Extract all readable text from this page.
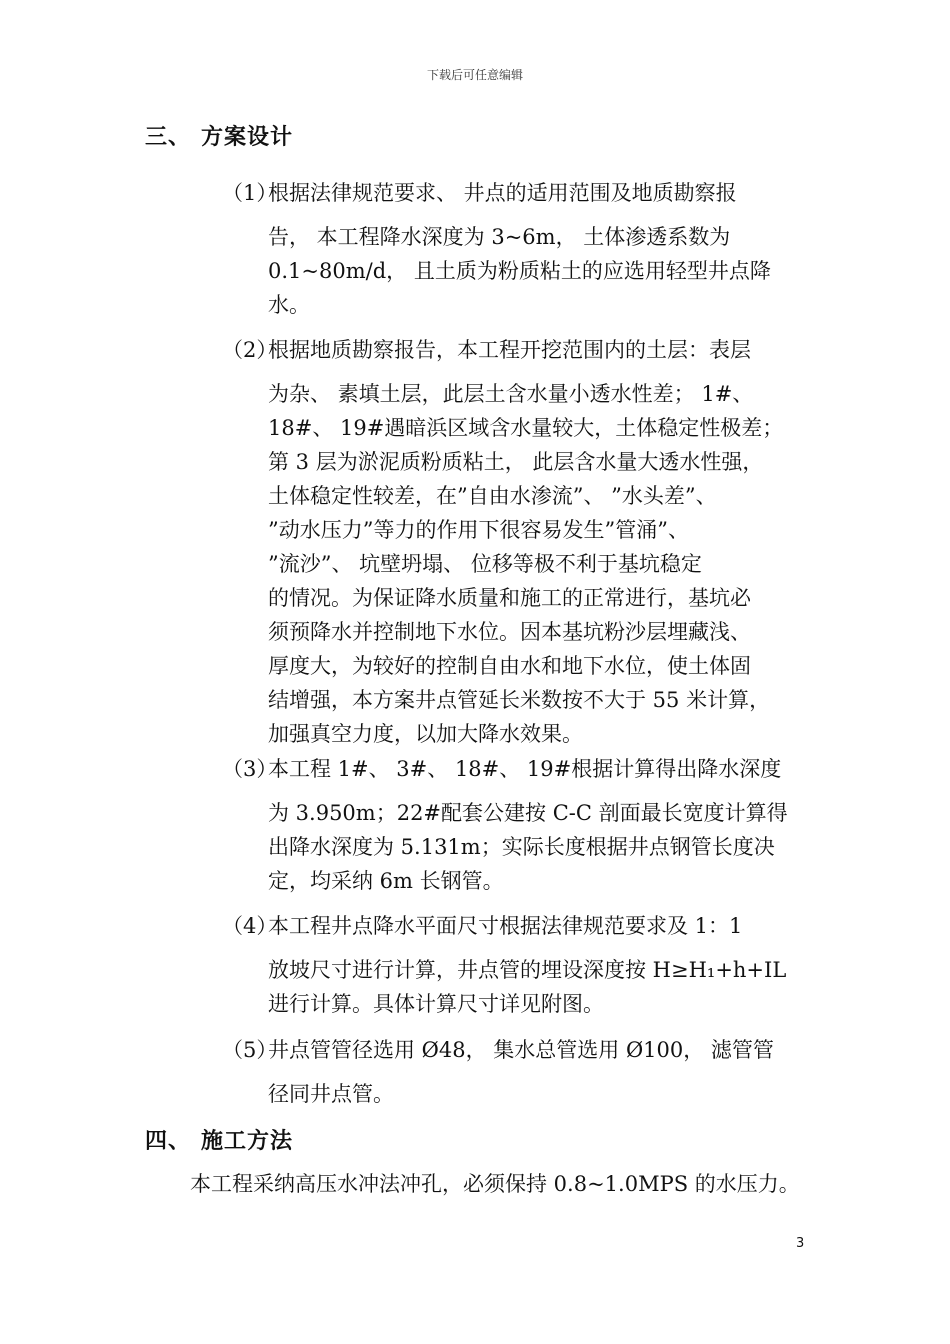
下载后可任意编辑
三、 方案设计
（1）
根据法律规范要求、 井点的适用范围及地质勘察报
告， 本工程降水深度为 3~6m， 土体渗透系数为
0.1~80m/d， 且土质为粉质粘土的应选用轻型井点降
水。
（2）
根据地质勘察报告，本工程开挖范围内的土层：表层
为杂、 素填土层，此层土含水量小透水性差； 1#、
18#、 19#遇暗浜区域含水量较大，土体稳定性极差；
第 3 层为淤泥质粉质粘土， 此层含水量大透水性强，
土体稳定性较差，在”自由水渗流”、 ”水头差”、
”动水压力”等力的作用下很容易发生”管涌”、
”流沙”、 坑壁坍塌、 位移等极不利于基坑稳定
的情况。为保证降水质量和施工的正常进行，基坑必
须预降水并控制地下水位。因本基坑粉沙层埋藏浅、
厚度大，为较好的控制自由水和地下水位，使土体固
结增强，本方案井点管延长米数按不大于 55 米计算，
加强真空力度，以加大降水效果。
（3）
本工程 1#、 3#、 18#、 19#根据计算得出降水深度
为 3.950m；22#配套公建按 C-C 剖面最长宽度计算得
出降水深度为 5.131m；实际长度根据井点钢管长度决
定，均采纳 6m 长钢管。
（4）
本工程井点降水平面尺寸根据法律规范要求及 1：1
放坡尺寸进行计算，井点管的埋设深度按 H≥H₁+h+IL
进行计算。具体计算尺寸详见附图。
（5）
井点管管径选用 Ø48， 集水总管选用 Ø100， 滤管管
径同井点管。
四、 施工方法
本工程采纳高压水冲法冲孔，必须保持 0.8~1.0MPS 的水压力。
3
